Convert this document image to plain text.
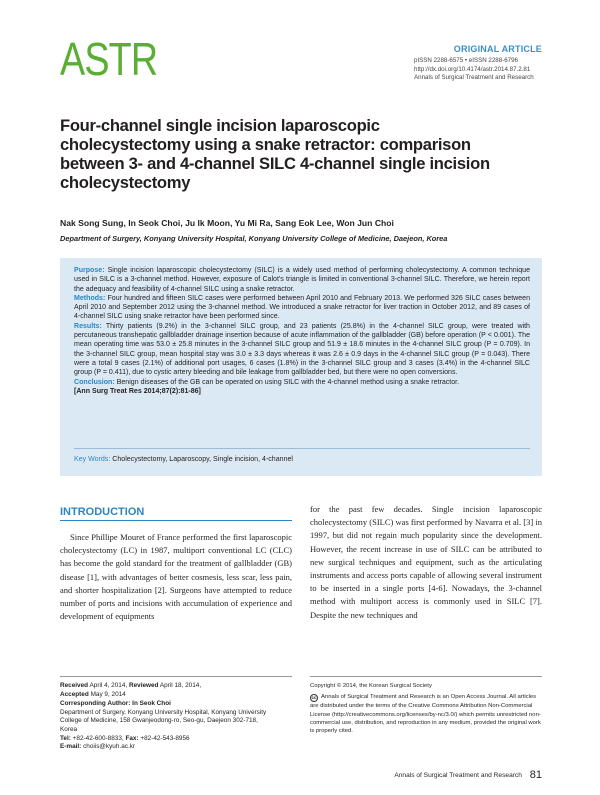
ASTR	ORIGINAL ARTICLE
pISSN 2288-6575 • eISSN 2288-6796
http://dx.doi.org/10.4174/astr.2014.87.2.81
Annals of Surgical Treatment and Research
Four-channel single incision laparoscopic cholecystectomy using a snake retractor: comparison between 3- and 4-channel SILC 4-channel single incision cholecystectomy
Nak Song Sung, In Seok Choi, Ju Ik Moon, Yu Mi Ra, Sang Eok Lee, Won Jun Choi
Department of Surgery, Konyang University Hospital, Konyang University College of Medicine, Daejeon, Korea
Purpose: Single incision laparoscopic cholecystectomy (SILC) is a widely used method of performing cholecystectomy. A common technique used in SILC is a 3-channel method. However, exposure of Calot's triangle is limited in conventional 3-channel SILC. Therefore, we herein report the adequacy and feasibility of 4-channel SILC using a snake retractor.
Methods: Four hundred and fifteen SILC cases were performed between April 2010 and February 2013. We performed 326 SILC cases between April 2010 and September 2012 using the 3-channel method. We introduced a snake retractor for liver traction in October 2012, and 89 cases of 4-channel SILC using snake retractor have been performed since.
Results: Thirty patients (9.2%) in the 3-channel SILC group, and 23 patients (25.8%) in the 4-channel SILC group, were treated with percutaneous transhepatic gallbladder drainage insertion because of acute inflammation of the gallbladder (GB) before operation (P < 0.001). The mean operating time was 53.0 ± 25.8 minutes in the 3-channel SILC group and 51.9 ± 18.6 minutes in the 4-channel SILC group (P = 0.709). In the 3-channel SILC group, mean hospital stay was 3.0 ± 3.3 days whereas it was 2.6 ± 0.9 days in the 4-channel SILC group (P = 0.043). There were a total 9 cases (2.1%) of additional port usages, 6 cases (1.8%) in the 3-channel SILC group and 3 cases (3.4%) in the 4-channel SILC group (P = 0.411), due to cystic artery bleeding and bile leakage from gallbladder bed, but there were no open conversions.
Conclusion: Benign diseases of the GB can be operated on using SILC with the 4-channel method using a snake retractor.
[Ann Surg Treat Res 2014;87(2):81-86]
Key Words: Cholecystectomy, Laparoscopy, Single incision, 4-channel
INTRODUCTION
Since Phillipe Mouret of France performed the first laparoscopic cholecystectomy (LC) in 1987, multiport conventional LC (CLC) has become the gold standard for the treatment of gallbladder (GB) disease [1], with advantages of better cosmesis, less scar, less pain, and shorter hospitalization [2]. Surgeons have attempted to reduce number of ports and incisions with accumulation of experience and development of equipments
for the past few decades. Single incision laparoscopic cholecystectomy (SILC) was first performed by Navarra et al. [3] in 1997, but did not regain much popularity since the development. However, the recent increase in use of SILC can be attributed to new surgical techniques and equipment, such as the articulating instruments and access ports capable of allowing several instrument to be inserted in a single ports [4-6]. Nowadays, the 3-channel method with multiport access is commonly used in SILC [7]. Despite the new techniques and
Received April 4, 2014, Reviewed April 18, 2014,
Accepted May 9, 2014
Corresponding Author: In Seok Choi
Department of Surgery, Konyang University Hospital, Konyang University
College of Medicine, 158 Gwanjeodong-ro, Seo-gu, Daejeon 302-718,
Korea
Tel: +82-42-600-8833, Fax: +82-42-543-8956
E-mail: choiis@kyuh.ac.kr
Copyright © 2014, the Korean Surgical Society
cc Annals of Surgical Treatment and Research is an Open Access Journal. All articles are distributed under the terms of the Creative Commons Attribution Non-Commercial License (http://creativecommons.org/licenses/by-nc/3.0/) which permits unrestricted non-commercial use, distribution, and reproduction in any medium, provided the original work is properly cited.
Annals of Surgical Treatment and Research 81
